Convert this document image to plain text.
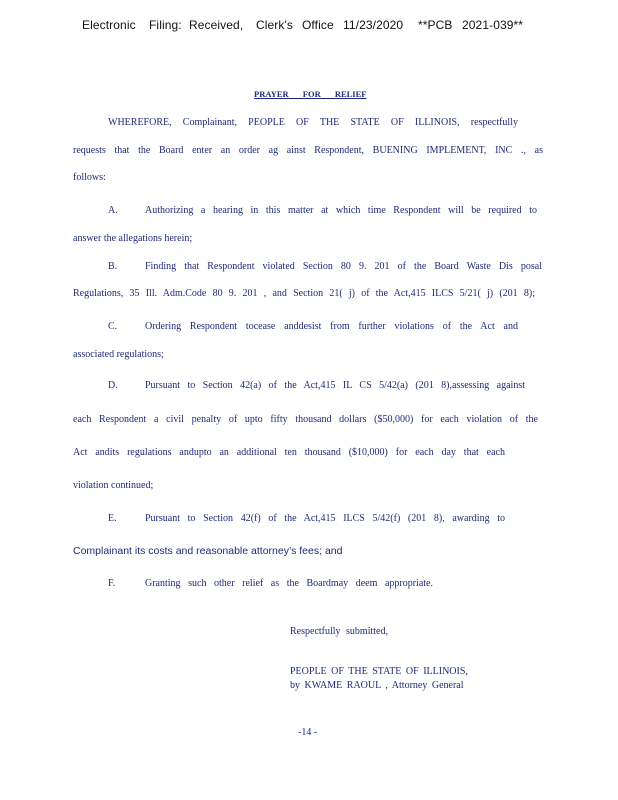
Electronic Filing: Received, Clerk's Office 11/23/2020 **PCB 2021-039**
PRAYER FOR RELIEF
WHEREFORE, Complainant, PEOPLE OF THE STATE OF ILLINOIS, respectfully
requests that the Board enter an order ag ainst Respondent, BUENING IMPLEMENT, INC ., as
follows:
A.	Authorizing a hearing in this matter at which time Respondent will be required to
answer the allegations herein;
B.	Finding that Respondent violated Section 80 9. 201 of the Board Waste Dis posal
Regulations, 35 Ill. Adm.Code 80 9. 201 , and Section 21( j) of the Act,415 ILCS 5/21( j) (201 8);
C.	Ordering Respondent tocease anddesist from further violations of the Act and
associated regulations;
D.	Pursuant to Section 42(a) of the Act,415 IL CS 5/42(a) (201 8),assessing against
each Respondent a civil penalty of upto fifty thousand dollars ($50,000) for each violation of the
Act andits regulations andupto an additional ten thousand ($10,000) for each day that each
violation continued;
E.	Pursuant to Section 42(f) of the Act,415 ILCS 5/42(f) (201 8), awarding to
Complainant its costs and reasonable attorney’s fees; and
F.	Granting such other relief as the Boardmay deem appropriate.
Respectfully submitted,
PEOPLE OF THE STATE OF ILLINOIS,
by KWAME RAOUL , Attorney General
-14 -
